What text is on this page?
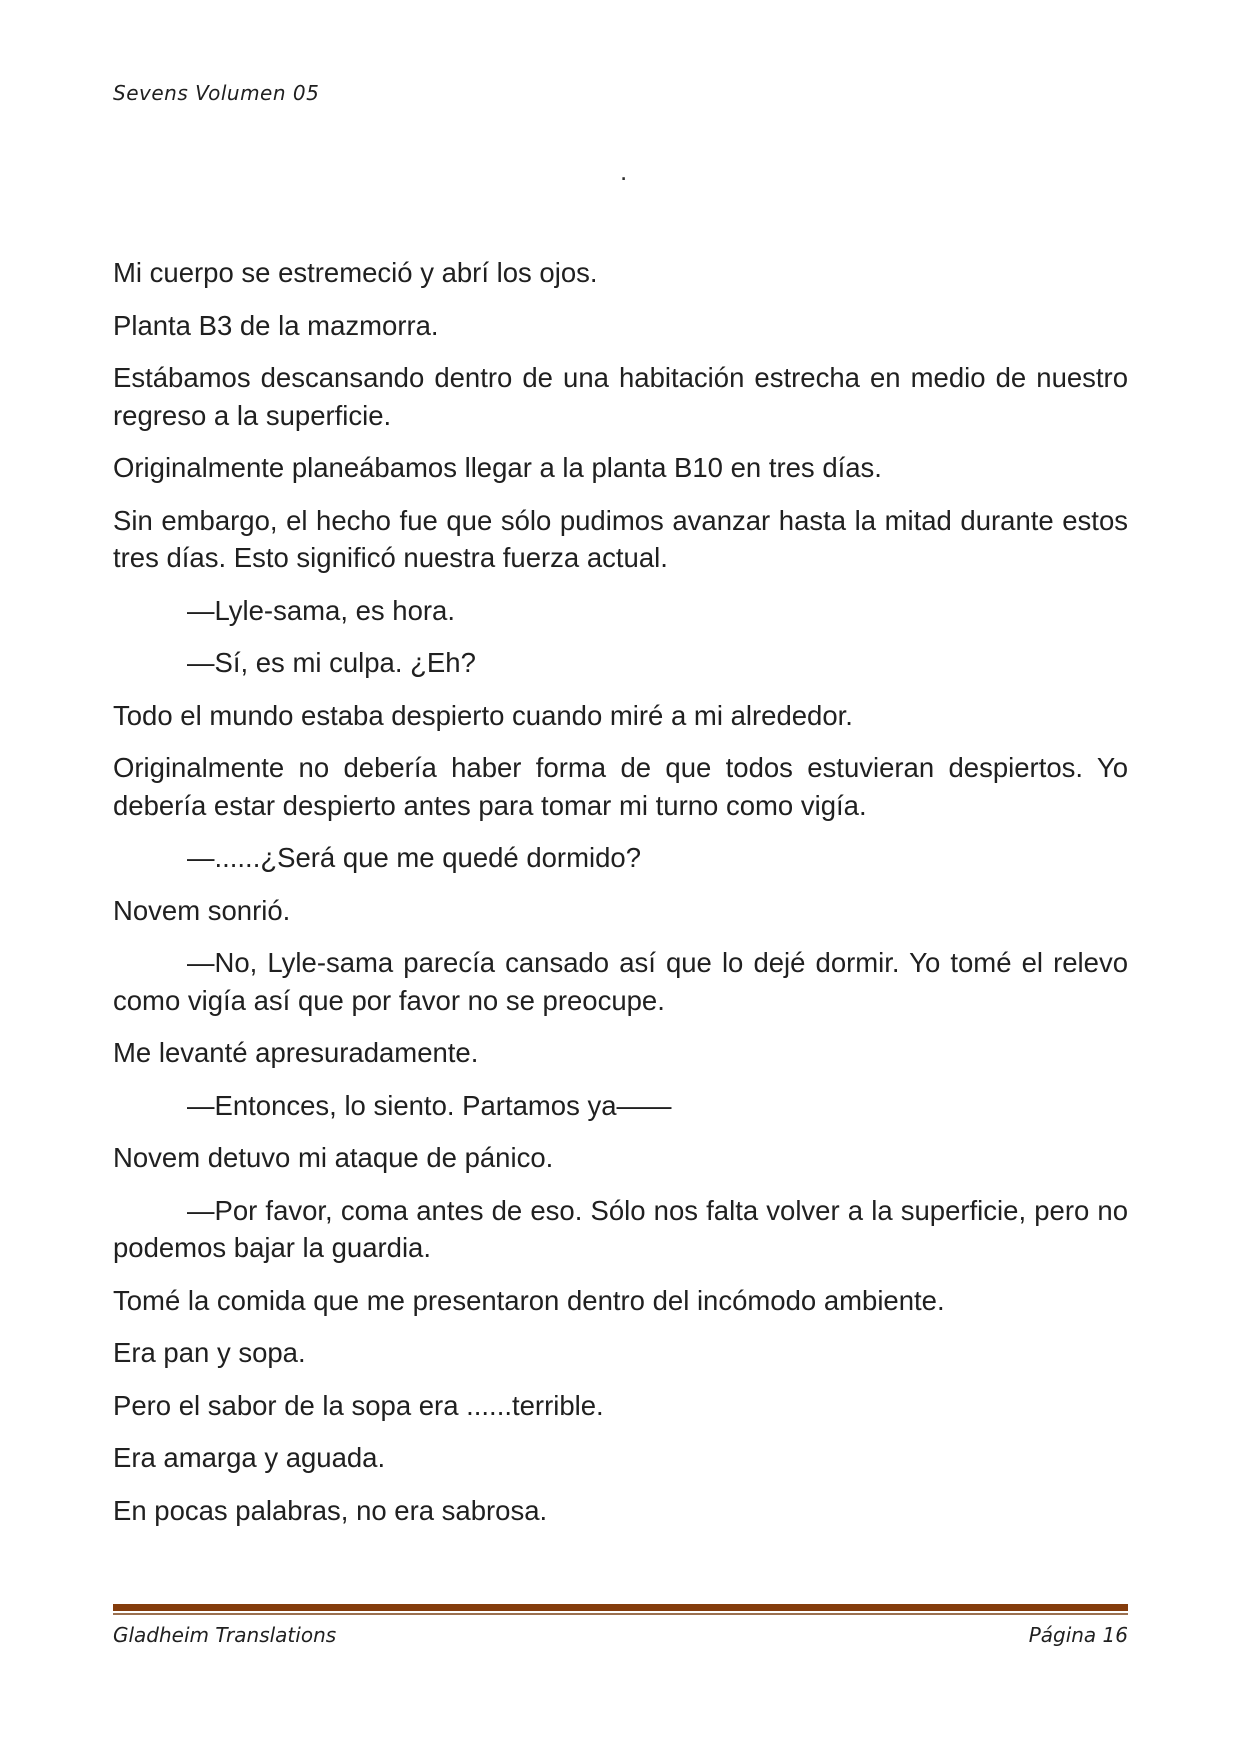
Sevens Volumen 05
.

Mi cuerpo se estremeció y abrí los ojos.

Planta B3 de la mazmorra.

Estábamos descansando dentro de una habitación estrecha en medio de nuestro regreso a la superficie.

Originalmente planeábamos llegar a la planta B10 en tres días.

Sin embargo, el hecho fue que sólo pudimos avanzar hasta la mitad durante estos tres días. Esto significó nuestra fuerza actual.

—Lyle-sama, es hora.

—Sí, es mi culpa. ¿Eh?

Todo el mundo estaba despierto cuando miré a mi alrededor.

Originalmente no debería haber forma de que todos estuvieran despiertos. Yo debería estar despierto antes para tomar mi turno como vigía.

—......¿Será que me quedé dormido?

Novem sonrió.

—No, Lyle-sama parecía cansado así que lo dejé dormir. Yo tomé el relevo como vigía así que por favor no se preocupe.

Me levanté apresuradamente.

—Entonces, lo siento. Partamos ya——

Novem detuvo mi ataque de pánico.

—Por favor, coma antes de eso. Sólo nos falta volver a la superficie, pero no podemos bajar la guardia.

Tomé la comida que me presentaron dentro del incómodo ambiente.

Era pan y sopa.

Pero el sabor de la sopa era ......terrible.

Era amarga y aguada.

En pocas palabras, no era sabrosa.

Gladheim Translations	Página 16
